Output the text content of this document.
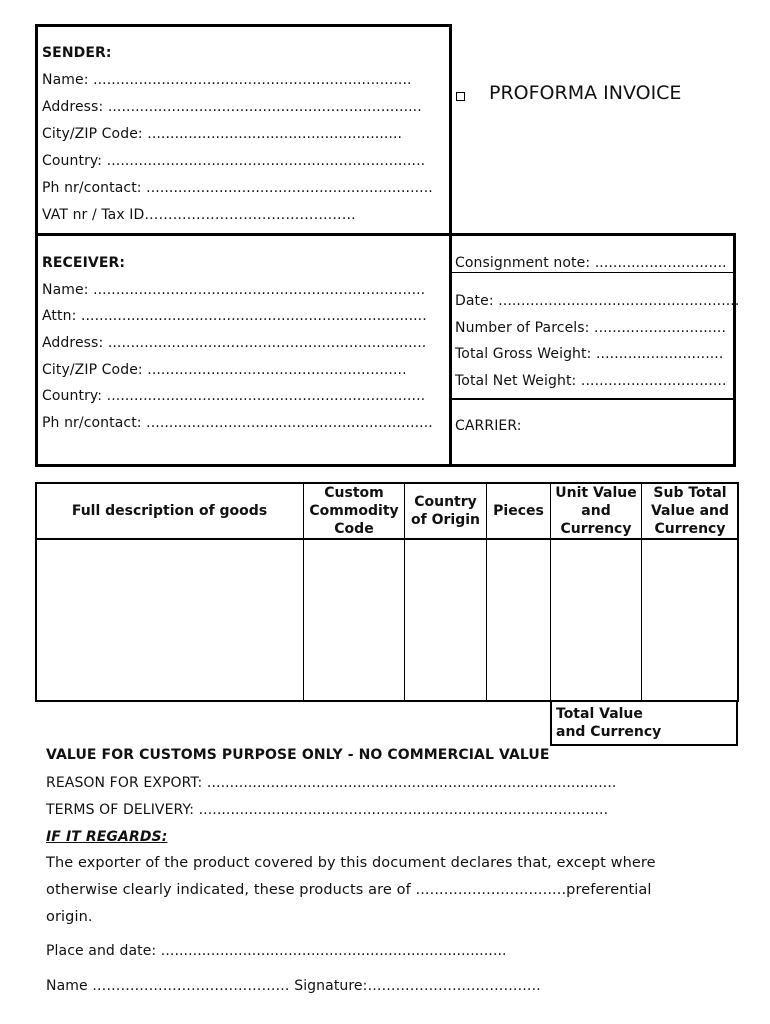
PROFORMA INVOICE
SENDER:
Name: ......................................................................
Address: .....................................................................
City/ZIP Code: ........................................................
Country: ......................................................................
Ph nr/contact: ...............................................................
VAT nr / Tax ID………………………………………
RECEIVER:
Name: .........................................................................
Attn: ............................................................................
Address: ......................................................................
City/ZIP Code: .........................................................
Country: ......................................................................
Ph nr/contact: ...............................................................
Consignment note: .............................
Date: .....................................................
Number of Parcels: .............................
Total Gross Weight: ............................
Total Net Weight: ................................
CARRIER:
Full description of goods	Custom Commodity Code	Country of Origin	Pieces	Unit Value and Currency	Sub Total Value and Currency

Total Value
and Currency
VALUE FOR CUSTOMS PURPOSE ONLY - NO COMMERCIAL VALUE
REASON FOR EXPORT: ..........................................................................................
TERMS OF DELIVERY: ..........................................................................................
IF IT REGARDS:
The exporter of the product covered by this document declares that, except where
otherwise clearly indicated, these products are of ................................preferential
origin.
Place and date: ............................................................................
Name …………………………………… Signature:……………………..………..
